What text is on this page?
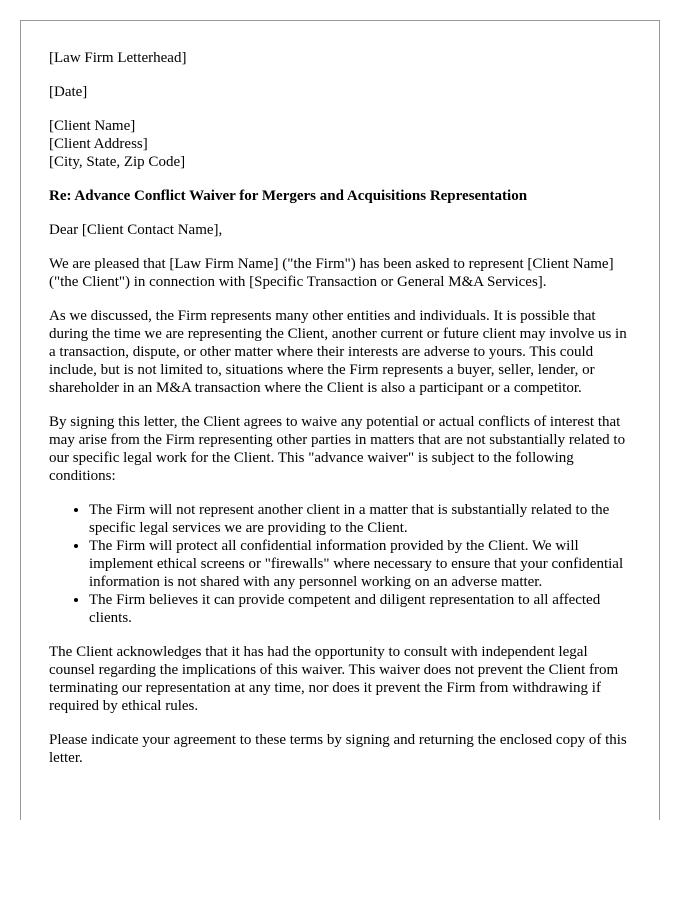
[Law Firm Letterhead]

[Date]

[Client Name]
[Client Address]
[City, State, Zip Code]

Re: Advance Conflict Waiver for Mergers and Acquisitions Representation

Dear [Client Contact Name],

We are pleased that [Law Firm Name] ("the Firm") has been asked to represent [Client Name] ("the Client") in connection with [Specific Transaction or General M&A Services].

As we discussed, the Firm represents many other entities and individuals. It is possible that during the time we are representing the Client, another current or future client may involve us in a transaction, dispute, or other matter where their interests are adverse to yours. This could include, but is not limited to, situations where the Firm represents a buyer, seller, lender, or shareholder in an M&A transaction where the Client is also a participant or a competitor.

By signing this letter, the Client agrees to waive any potential or actual conflicts of interest that may arise from the Firm representing other parties in matters that are not substantially related to our specific legal work for the Client. This "advance waiver" is subject to the following conditions:

• The Firm will not represent another client in a matter that is substantially related to the specific legal services we are providing to the Client.
• The Firm will protect all confidential information provided by the Client. We will implement ethical screens or "firewalls" where necessary to ensure that your confidential information is not shared with any personnel working on an adverse matter.
• The Firm believes it can provide competent and diligent representation to all affected clients.

The Client acknowledges that it has had the opportunity to consult with independent legal counsel regarding the implications of this waiver. This waiver does not prevent the Client from terminating our representation at any time, nor does it prevent the Firm from withdrawing if required by ethical rules.

Please indicate your agreement to these terms by signing and returning the enclosed copy of this letter.
